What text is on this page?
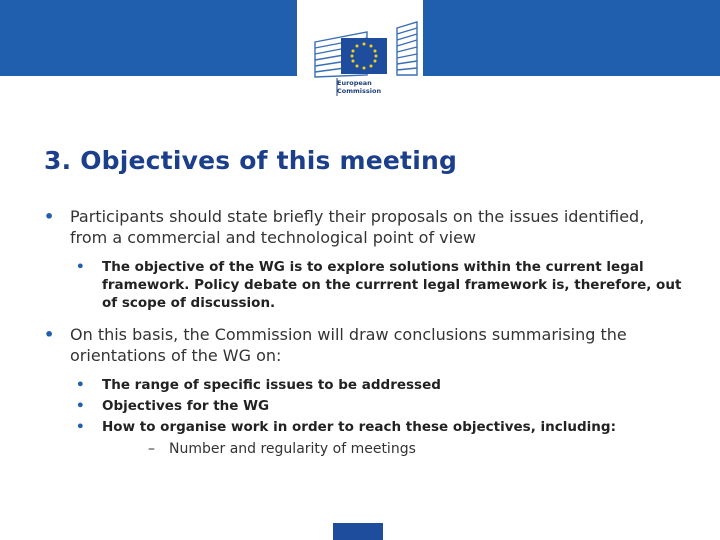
European
Commission
3. Objectives of this meeting
• Participants should state briefly their proposals on the issues identified, from a commercial and technological point of view
• The objective of the WG is to explore solutions within the current legal framework. Policy debate on the currrent legal framework is, therefore, out of scope of discussion.
• On this basis, the Commission will draw conclusions summarising the orientations of the WG on:
• The range of specific issues to be addressed
• Objectives for the WG
• How to organise work in order to reach these objectives, including:
– Number and regularity of meetings
